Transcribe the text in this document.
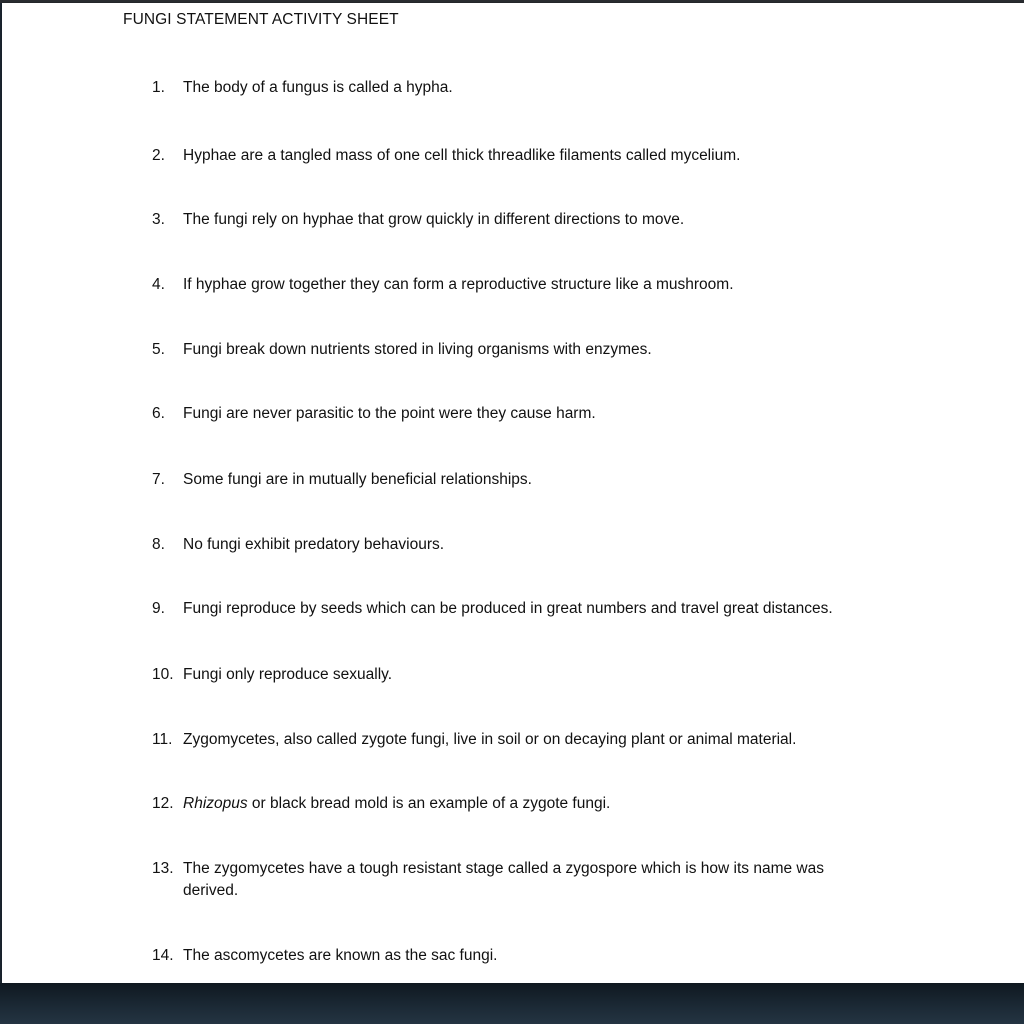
FUNGI STATEMENT ACTIVITY SHEET
1.	The body of a fungus is called a hypha.
2.	Hyphae are a tangled mass of one cell thick threadlike filaments called mycelium.
3.	The fungi rely on hyphae that grow quickly in different directions to move.
4.	If hyphae grow together they can form a reproductive structure like a mushroom.
5.	Fungi break down nutrients stored in living organisms with enzymes.
6.	Fungi are never parasitic to the point were they cause harm.
7.	Some fungi are in mutually beneficial relationships.
8.	No fungi exhibit predatory behaviours.
9.	Fungi reproduce by seeds which can be produced in great numbers and travel great distances.
10. Fungi only reproduce sexually.
11. Zygomycetes, also called zygote fungi, live in soil or on decaying plant or animal material.
12. Rhizopus or black bread mold is an example of a zygote fungi.
13. The zygomycetes have a tough resistant stage called a zygospore which is how its name was derived.
14. The ascomycetes are known as the sac fungi.
